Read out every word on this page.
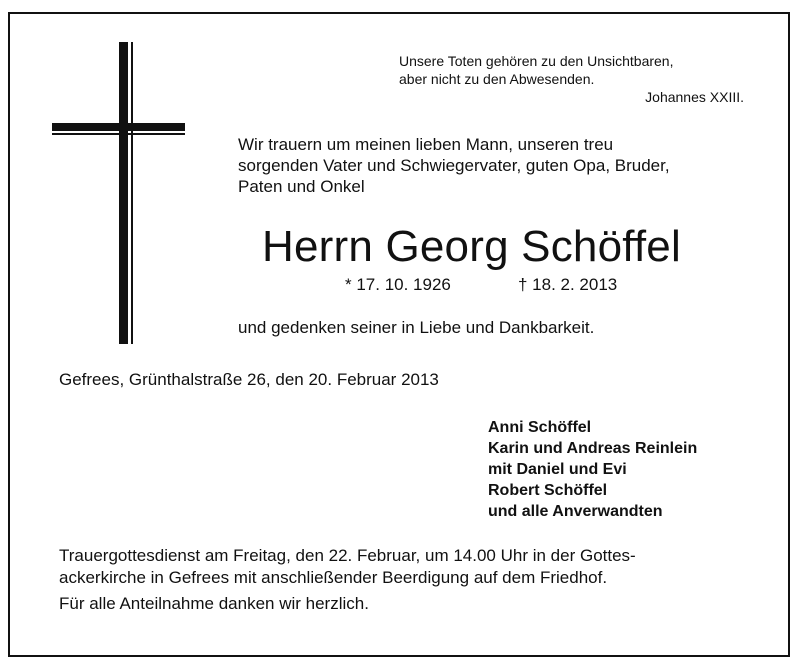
Unsere Toten gehören zu den Unsichtbaren,
aber nicht zu den Abwesenden.
Johannes XXIII.
Wir trauern um meinen lieben Mann, unseren treu
sorgenden Vater und Schwiegervater, guten Opa, Bruder,
Paten und Onkel
Herrn Georg Schöffel
* 17. 10. 1926	† 18. 2. 2013
und gedenken seiner in Liebe und Dankbarkeit.
Gefrees, Grünthalstraße 26, den 20. Februar 2013
Anni Schöffel
Karin und Andreas Reinlein
mit Daniel und Evi
Robert Schöffel
und alle Anverwandten
Trauergottesdienst am Freitag, den 22. Februar, um 14.00 Uhr in der Gottes-
ackerkirche in Gefrees mit anschließender Beerdigung auf dem Friedhof.
Für alle Anteilnahme danken wir herzlich.
